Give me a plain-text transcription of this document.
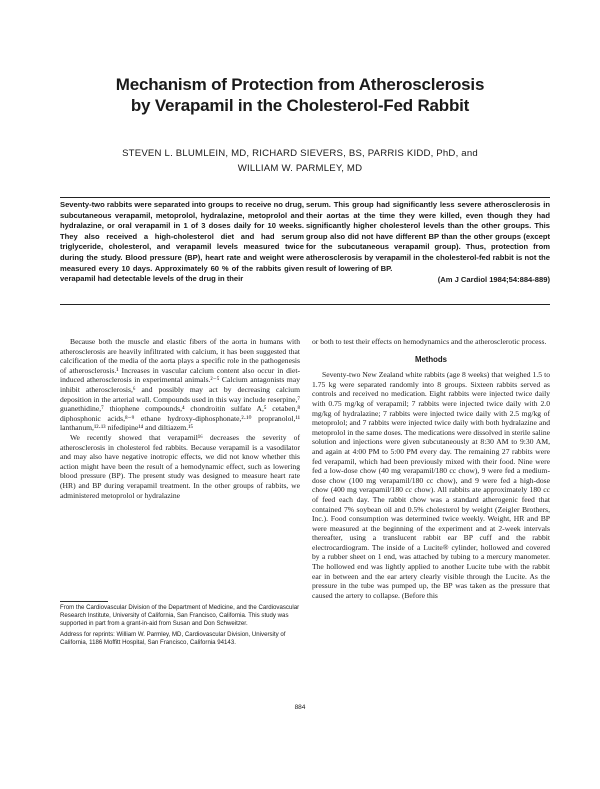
Mechanism of Protection from Atherosclerosis
by Verapamil in the Cholesterol-Fed Rabbit
STEVEN L. BLUMLEIN, MD, RICHARD SIEVERS, BS, PARRIS KIDD, PhD, and
WILLIAM W. PARMLEY, MD
Seventy-two rabbits were separated into groups to receive no drug, subcutaneous verapamil, metoprolol, hydralazine, metoprolol and hydralazine, or oral verapamil in 1 of 3 doses daily for 10 weeks. They also received a high-cholesterol diet and had serum triglyceride, cholesterol, and verapamil levels measured twice during the study. Blood pressure (BP), heart rate and weight were measured every 10 days. Approximately 60 % of the rabbits given verapamil had detectable levels of the drug in their
serum. This group had significantly less severe atherosclerosis in their aortas at the time they were killed, even though they had significantly higher cholesterol levels than the other groups. This group also did not have different BP than the other groups (except for the subcutaneous verapamil group). Thus, protection from atherosclerosis by verapamil in the cholesterol-fed rabbit is not the result of lowering of BP.
(Am J Cardiol 1984;54:884-889)

Because both the muscle and elastic fibers of the aorta in humans with atherosclerosis are heavily infiltrated with calcium, it has been suggested that calcification of the media of the aorta plays a specific role in the pathogenesis of atherosclerosis.¹ Increases in vascular calcium content also occur in diet-induced atherosclerosis in experimental animals.²⁻⁵ Calcium antagonists may inhibit atherosclerosis,⁶ and possibly may act by decreasing calcium deposition in the arterial wall. Compounds used in this way include reserpine,⁷ guanethidine,⁷ thiophene compounds,⁴ chondroitin sulfate A,⁵ cetaben,⁸ diphosphonic acids,⁸⁻⁹ ethane hydroxy-diphosphonate,²·¹⁰ propranolol,¹¹ lanthanum,¹²·¹³ nifedipine¹⁴ and diltiazem.¹⁵

We recently showed that verapamil¹⁶ decreases the severity of atherosclerosis in cholesterol fed rabbits. Because verapamil is a vasodilator and may also have negative inotropic effects, we did not know whether this action might have been the result of a hemodynamic effect, such as lowering blood pressure (BP). The present study was designed to measure heart rate (HR) and BP during verapamil treatment. In the other groups of rabbits, we administered metoprolol or hydralazine

From the Cardiovascular Division of the Department of Medicine, and the Cardiovascular Research Institute, University of California, San Francisco, California. This study was supported in part from a grant-in-aid from Susan and Don Schweitzer.

Address for reprints: William W. Parmley, MD, Cardiovascular Division, University of California, 1186 Moffitt Hospital, San Francisco, California 94143.

or both to test their effects on hemodynamics and the atherosclerotic process.

Methods

Seventy-two New Zealand white rabbits (age 8 weeks) that weighed 1.5 to 1.75 kg were separated randomly into 8 groups. Sixteen rabbits served as controls and received no medication. Eight rabbits were injected twice daily with 0.75 mg/kg of verapamil; 7 rabbits were injected twice daily with 2.0 mg/kg of hydralazine; 7 rabbits were injected twice daily with 2.5 mg/kg of metoprolol; and 7 rabbits were injected twice daily with both hydralazine and metoprolol in the same doses. The medications were dissolved in sterile saline solution and injections were given subcutaneously at 8:30 AM to 9:30 AM, and again at 4:00 PM to 5:00 PM every day. The remaining 27 rabbits were fed verapamil, which had been previously mixed with their food. Nine were fed a low-dose chow (40 mg verapamil/180 cc chow), 9 were fed a medium-dose chow (100 mg verapamil/180 cc chow), and 9 were fed a high-dose chow (400 mg verapamil/180 cc chow). All rabbits ate approximately 180 cc of feed each day. The rabbit chow was a standard atherogenic feed that contained 7% soybean oil and 0.5% cholesterol by weight (Zeigler Brothers, Inc.). Food consumption was determined twice weekly. Weight, HR and BP were measured at the beginning of the experiment and at 2-week intervals thereafter, using a translucent rabbit ear BP cuff and the rabbit electrocardiogram. The inside of a Lucite® cylinder, hollowed and covered by a rubber sheet on 1 end, was attached by tubing to a mercury manometer. The hollowed end was lightly applied to another Lucite tube with the rabbit ear in between and the ear artery clearly visible through the Lucite. As the pressure in the tube was pumped up, the BP was taken as the pressure that caused the artery to collapse. (Before this

884
